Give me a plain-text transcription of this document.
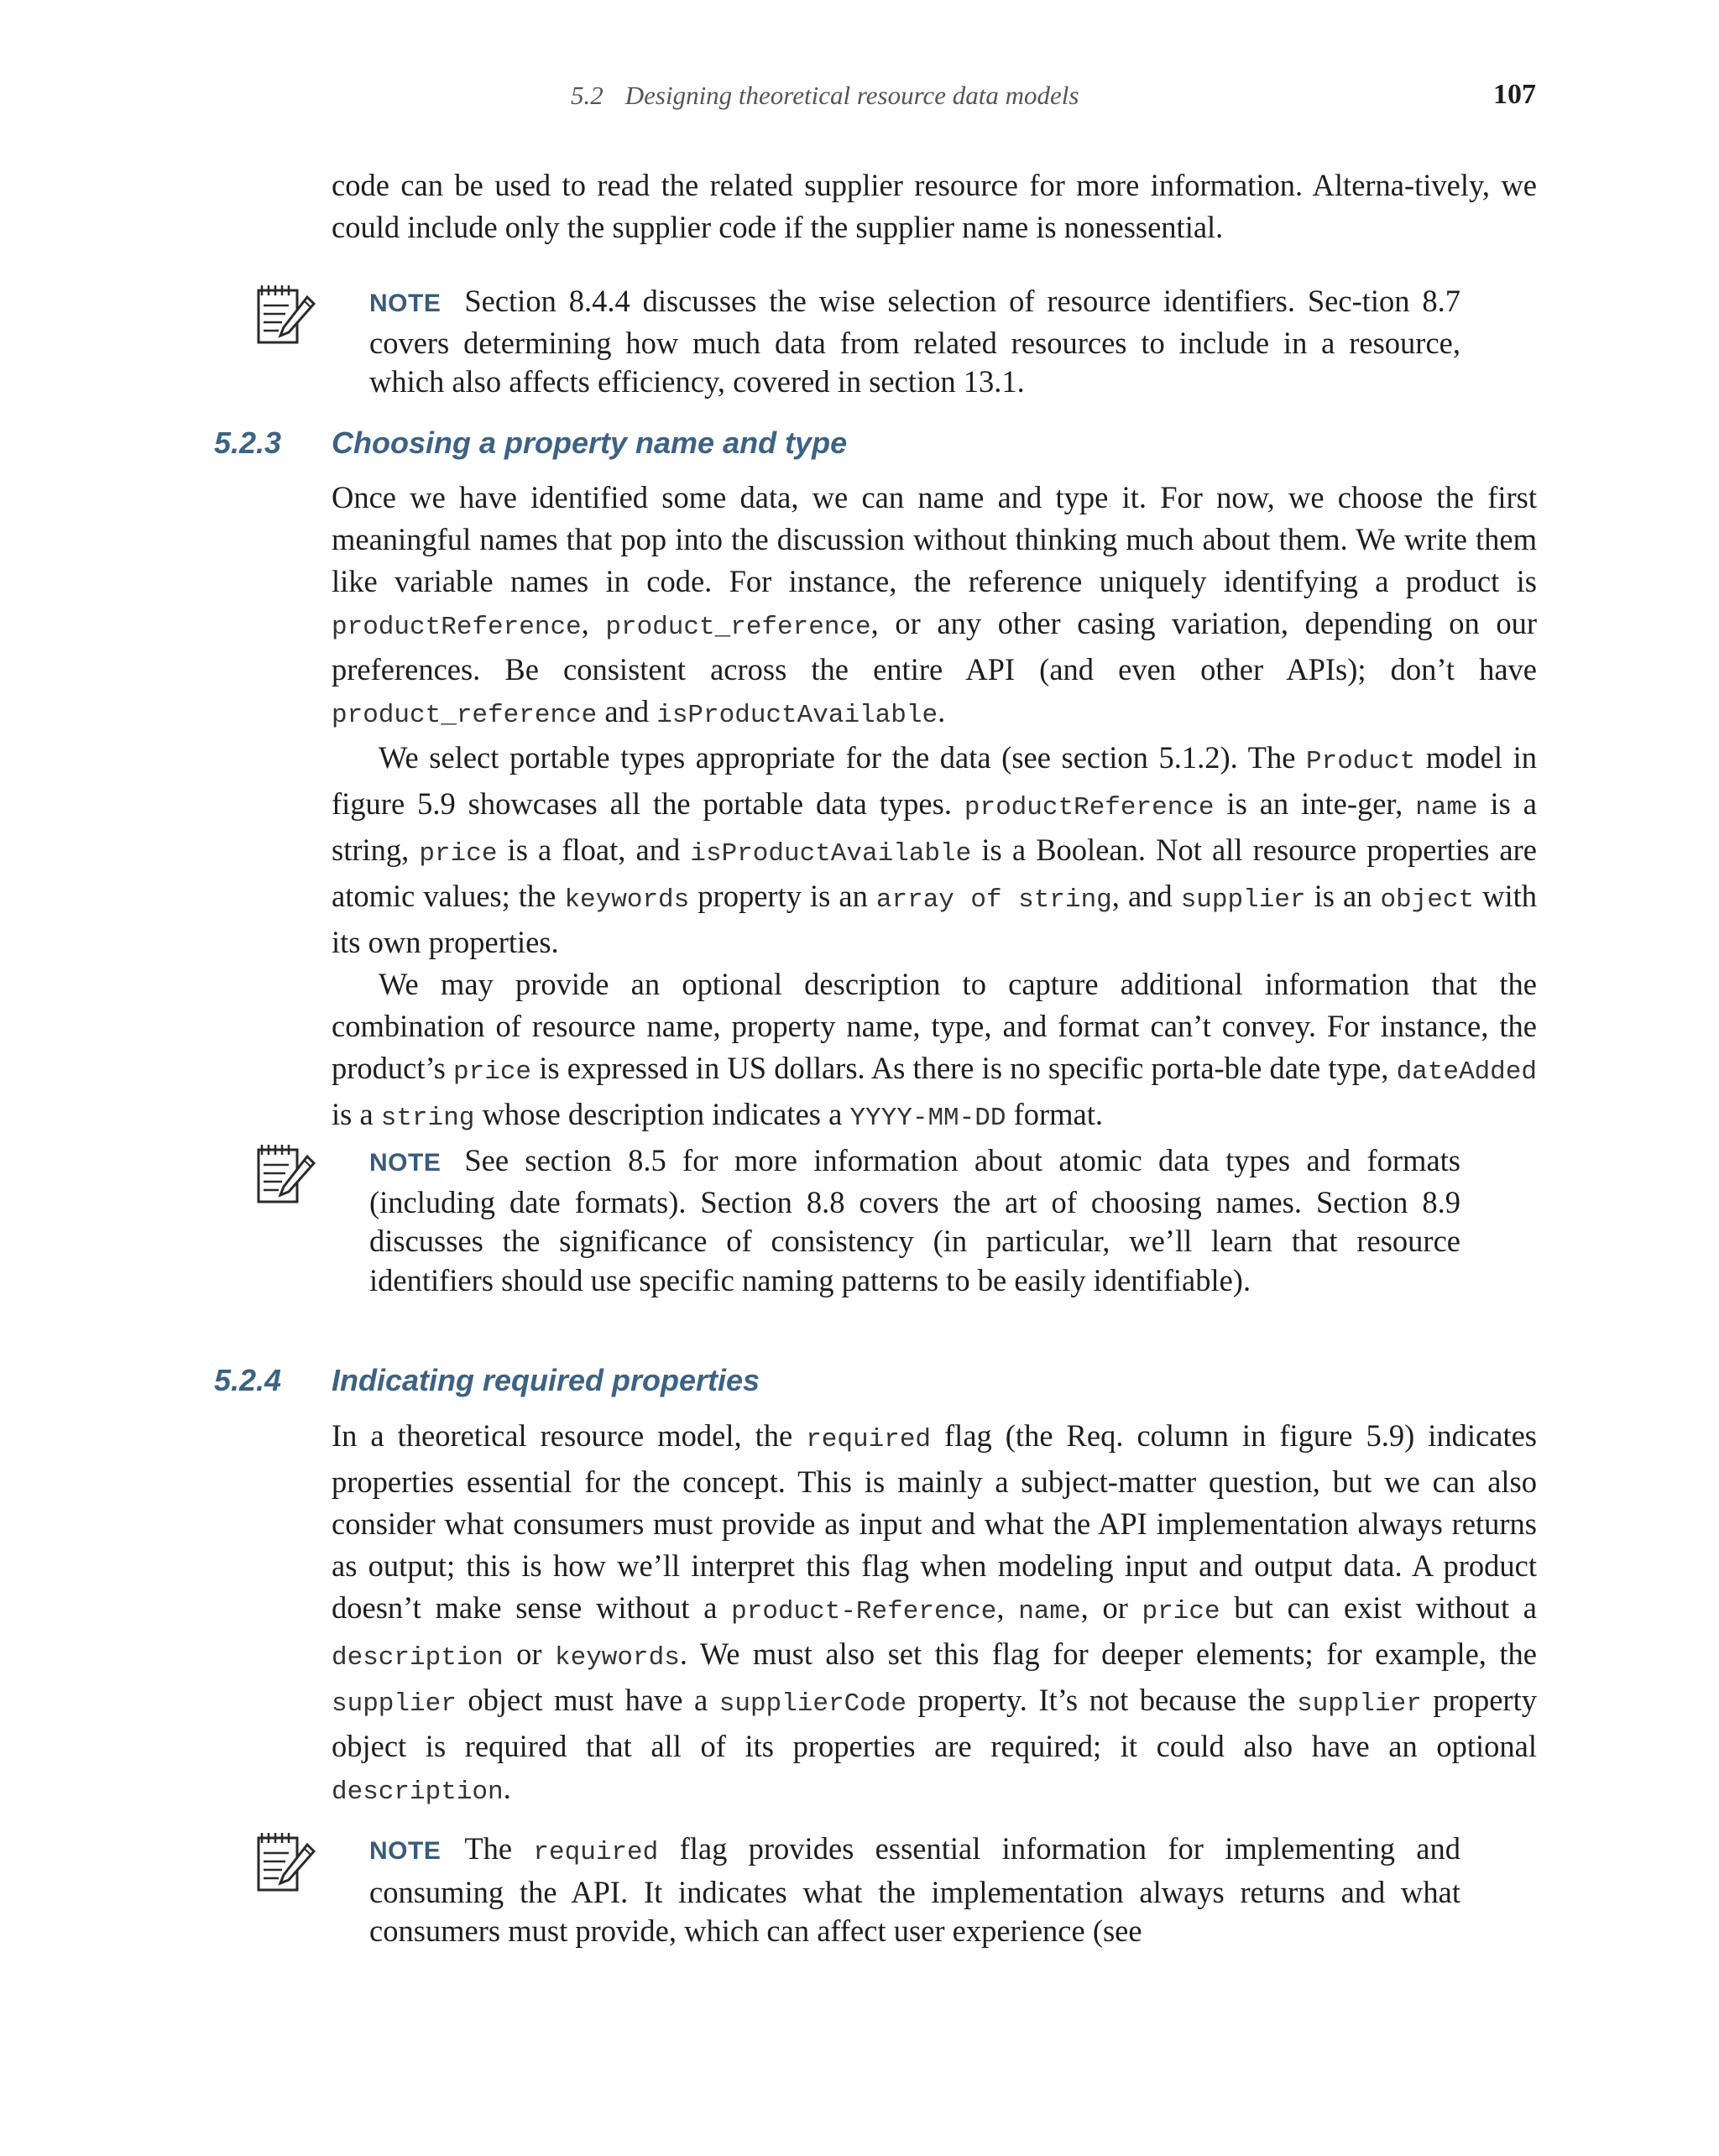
5.2 Designing theoretical resource data models	107

code can be used to read the related supplier resource for more information. Alterna-tively, we could include only the supplier code if the supplier name is nonessential.

NOTE Section 8.4.4 discusses the wise selection of resource identifiers. Sec-tion 8.7 covers determining how much data from related resources to include in a resource, which also affects efficiency, covered in section 13.1.
5.2.3 Choosing a property name and type

Once we have identified some data, we can name and type it. For now, we choose the first meaningful names that pop into the discussion without thinking much about them. We write them like variable names in code. For instance, the reference uniquely identifying a product is productReference, product_reference, or any other casing variation, depending on our preferences. Be consistent across the entire API (and even other APIs); don’t have product_reference and isProductAvailable.

We select portable types appropriate for the data (see section 5.1.2). The Product model in figure 5.9 showcases all the portable data types. productReference is an inte-ger, name is a string, price is a float, and isProductAvailable is a Boolean. Not all resource properties are atomic values; the keywords property is an array of string, and supplier is an object with its own properties.

We may provide an optional description to capture additional information that the combination of resource name, property name, type, and format can’t convey. For instance, the product’s price is expressed in US dollars. As there is no specific porta-ble date type, dateAdded is a string whose description indicates a YYYY-MM-DD format.

NOTE See section 8.5 for more information about atomic data types and formats (including date formats). Section 8.8 covers the art of choosing names. Section 8.9 discusses the significance of consistency (in particular, we’ll learn that resource identifiers should use specific naming patterns to be easily identifiable).
5.2.4 Indicating required properties

In a theoretical resource model, the required flag (the Req. column in figure 5.9) indicates properties essential for the concept. This is mainly a subject-matter question, but we can also consider what consumers must provide as input and what the API implementation always returns as output; this is how we’ll interpret this flag when modeling input and output data. A product doesn’t make sense without a product-Reference, name, or price but can exist without a description or keywords. We must also set this flag for deeper elements; for example, the supplier object must have a supplierCode property. It’s not because the supplier property object is required that all of its properties are required; it could also have an optional description.

NOTE The required flag provides essential information for implementing and consuming the API. It indicates what the implementation always returns and what consumers must provide, which can affect user experience (see
